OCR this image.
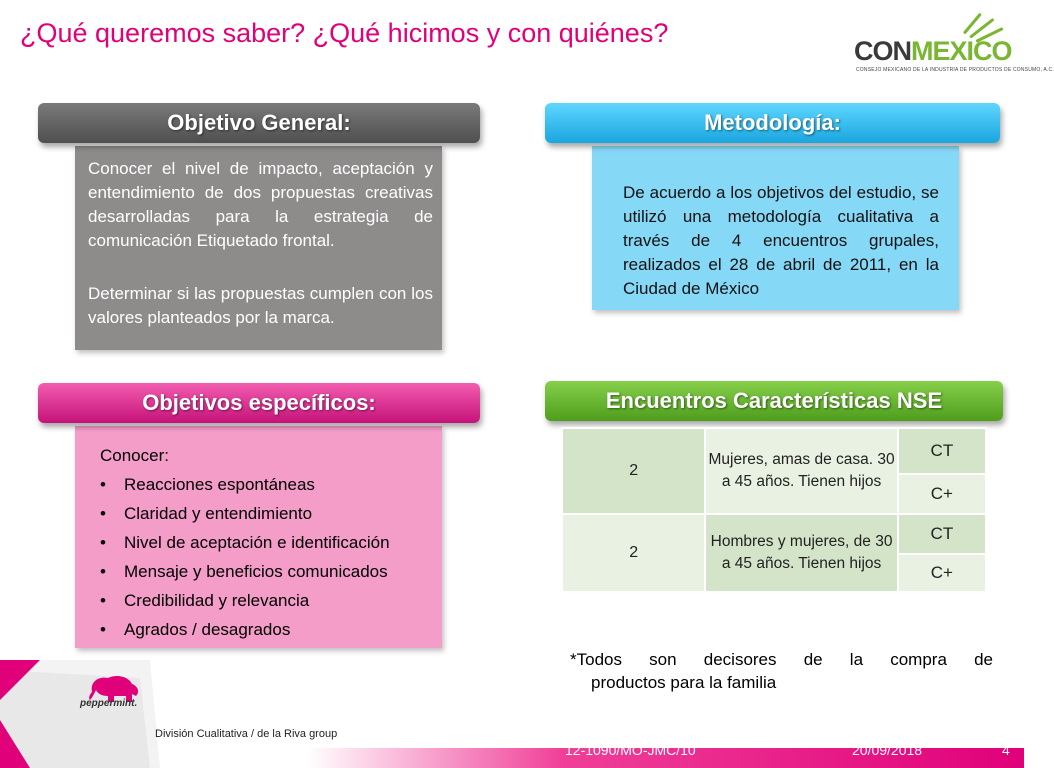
¿Qué queremos saber? ¿Qué hicimos y con quiénes?
CONMEXICO
CONSEJO MEXICANO DE LA INDUSTRIA DE PRODUCTOS DE CONSUMO, A.C.
Objetivo General:
Conocer el nivel de impacto, aceptación y entendimiento de dos propuestas creativas desarrolladas para la estrategia de comunicación Etiquetado frontal.
Determinar si las propuestas cumplen con los valores planteados por la marca.
Metodología:
De acuerdo a los objetivos del estudio, se utilizó una metodología cualitativa a través de 4 encuentros grupales, realizados el 28 de abril de 2011, en la Ciudad de México
Objetivos específicos:
Conocer:
• Reacciones espontáneas
• Claridad y entendimiento
• Nivel de aceptación e identificación
• Mensaje y beneficios comunicados
• Credibilidad y relevancia
• Agrados / desagrados
Encuentros Características NSE
2	Mujeres, amas de casa. 30 a 45 años. Tienen hijos	CT
		C+
2	Hombres y mujeres, de 30 a 45 años. Tienen hijos	CT
		C+
*Todos son decisores de la compra de
productos para la familia
peppermint.
División Cualitativa / de la Riva group
12-1090/MO-JMC/10	20/09/2018	4
